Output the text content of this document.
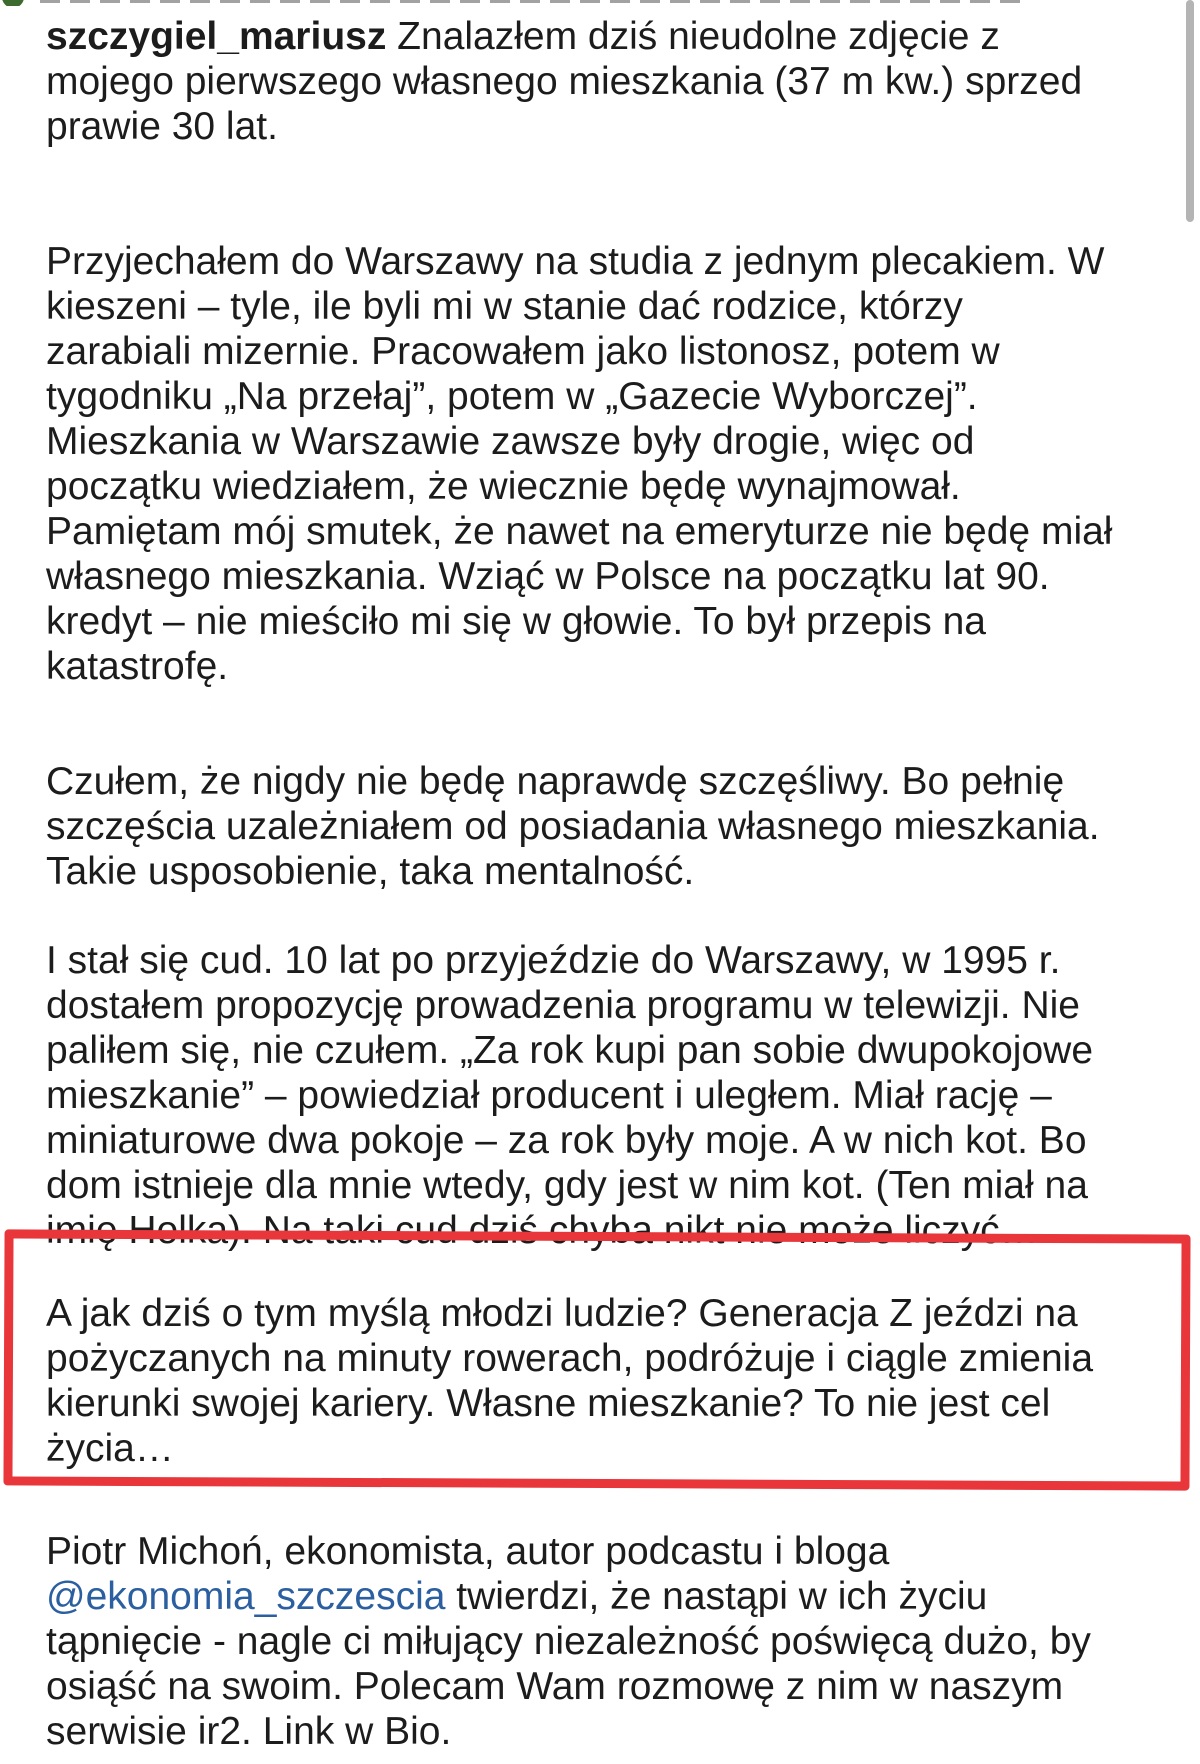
szczygiel_mariusz Znalazłem dziś nieudolne zdjęcie z
mojego pierwszego własnego mieszkania (37 m kw.) sprzed
prawie 30 lat.

Przyjechałem do Warszawy na studia z jednym plecakiem. W
kieszeni – tyle, ile byli mi w stanie dać rodzice, którzy
zarabiali mizernie. Pracowałem jako listonosz, potem w
tygodniku „Na przełaj”, potem w „Gazecie Wyborczej”.
Mieszkania w Warszawie zawsze były drogie, więc od
początku wiedziałem, że wiecznie będę wynajmował.
Pamiętam mój smutek, że nawet na emeryturze nie będę miał
własnego mieszkania. Wziąć w Polsce na początku lat 90.
kredyt – nie mieściło mi się w głowie. To był przepis na
katastrofę.

Czułem, że nigdy nie będę naprawdę szczęśliwy. Bo pełnię
szczęścia uzależniałem od posiadania własnego mieszkania.
Takie usposobienie, taka mentalność.

I stał się cud. 10 lat po przyjeździe do Warszawy, w 1995 r.
dostałem propozycję prowadzenia programu w telewizji. Nie
paliłem się, nie czułem. „Za rok kupi pan sobie dwupokojowe
mieszkanie” – powiedział producent i uległem. Miał rację –
miniaturowe dwa pokoje – za rok były moje. A w nich kot. Bo
dom istnieje dla mnie wtedy, gdy jest w nim kot. (Ten miał na
imię Holka). Na taki cud dziś chyba nikt nie może liczyć…

A jak dziś o tym myślą młodzi ludzie? Generacja Z jeździ na
pożyczanych na minuty rowerach, podróżuje i ciągle zmienia
kierunki swojej kariery. Własne mieszkanie? To nie jest cel
życia…

Piotr Michoń, ekonomista, autor podcastu i bloga
@ekonomia_szczescia twierdzi, że nastąpi w ich życiu
tąpnięcie - nagle ci miłujący niezależność poświęcą dużo, by
osiąść na swoim. Polecam Wam rozmowę z nim w naszym
serwisie ir2. Link w Bio.
